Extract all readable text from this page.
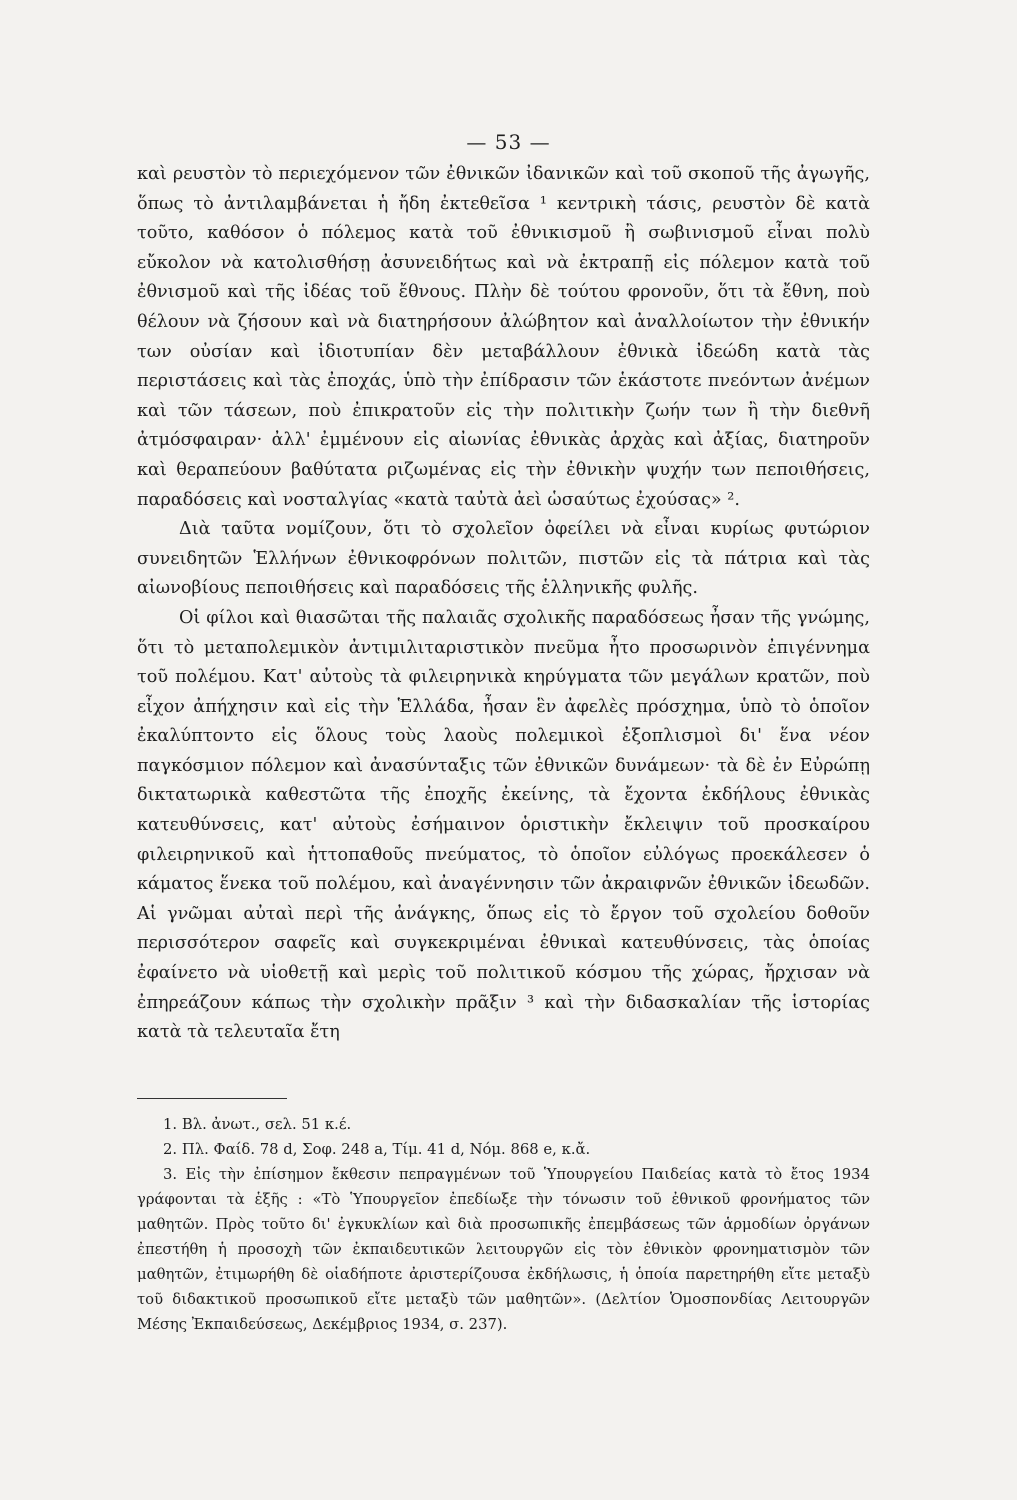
— 53 —

καὶ ρευστὸν τὸ περιεχόμενον τῶν ἐθνικῶν ἰδανικῶν καὶ τοῦ σκοποῦ τῆς ἀγωγῆς, ὅπως τὸ ἀντιλαμβάνεται ἡ ἤδη ἐκτεθεῖσα ¹ κεντρικὴ τάσις, ρευστὸν δὲ κατὰ τοῦτο, καθόσον ὁ πόλεμος κατὰ τοῦ ἐθνικισμοῦ ἢ σωβινισμοῦ εἶναι πολὺ εὔκολον νὰ κατολισθήσῃ ἀσυνειδήτως καὶ νὰ ἐκτραπῇ εἰς πόλεμον κατὰ τοῦ ἐθνισμοῦ καὶ τῆς ἰδέας τοῦ ἔθνους. Πλὴν δὲ τούτου φρονοῦν, ὅτι τὰ ἔθνη, ποὺ θέλουν νὰ ζήσουν καὶ νὰ διατηρήσουν ἀλώβητον καὶ ἀναλλοίωτον τὴν ἐθνικήν των οὐσίαν καὶ ἰδιοτυπίαν δὲν μεταβάλλουν ἐθνικὰ ἰδεώδη κατὰ τὰς περιστάσεις καὶ τὰς ἐποχάς, ὑπὸ τὴν ἐπίδρασιν τῶν ἑκάστοτε πνεόντων ἀνέμων καὶ τῶν τάσεων, ποὺ ἐπικρατοῦν εἰς τὴν πολιτικὴν ζωήν των ἢ τὴν διεθνῆ ἀτμόσφαιραν· ἀλλ' ἐμμένουν εἰς αἰωνίας ἐθνικὰς ἀρχὰς καὶ ἀξίας, διατηροῦν καὶ θεραπεύουν βαθύτατα ριζωμένας εἰς τὴν ἐθνικὴν ψυχήν των πεποιθήσεις, παραδόσεις καὶ νοσταλγίας «κατὰ ταὐτὰ ἀεὶ ὡσαύτως ἐχούσας» ².

Διὰ ταῦτα νομίζουν, ὅτι τὸ σχολεῖον ὀφείλει νὰ εἶναι κυρίως φυτώριον συνειδητῶν Ἑλλήνων ἐθνικοφρόνων πολιτῶν, πιστῶν εἰς τὰ πάτρια καὶ τὰς αἰωνοβίους πεποιθήσεις καὶ παραδόσεις τῆς ἑλληνικῆς φυλῆς.

Οἱ φίλοι καὶ θιασῶται τῆς παλαιᾶς σχολικῆς παραδόσεως ἦσαν τῆς γνώμης, ὅτι τὸ μεταπολεμικὸν ἀντιμιλιταριστικὸν πνεῦμα ἦτο προσωρινὸν ἐπιγέννημα τοῦ πολέμου. Κατ' αὐτοὺς τὰ φιλειρηνικὰ κηρύγματα τῶν μεγάλων κρατῶν, ποὺ εἶχον ἀπήχησιν καὶ εἰς τὴν Ἑλλάδα, ἦσαν ἓν ἀφελὲς πρόσχημα, ὑπὸ τὸ ὁποῖον ἐκαλύπτοντο εἰς ὅλους τοὺς λαοὺς πολεμικοὶ ἐξοπλισμοὶ δι' ἕνα νέον παγκόσμιον πόλεμον καὶ ἀνασύνταξις τῶν ἐθνικῶν δυνάμεων· τὰ δὲ ἐν Εὐρώπῃ δικτατωρικὰ καθεστῶτα τῆς ἐποχῆς ἐκείνης, τὰ ἔχοντα ἐκδήλους ἐθνικὰς κατευθύνσεις, κατ' αὐτοὺς ἐσήμαινον ὁριστικὴν ἔκλειψιν τοῦ προσκαίρου φιλειρηνικοῦ καὶ ἡττοπαθοῦς πνεύματος, τὸ ὁποῖον εὐλόγως προεκάλεσεν ὁ κάματος ἕνεκα τοῦ πολέμου, καὶ ἀναγέννησιν τῶν ἀκραιφνῶν ἐθνικῶν ἰδεωδῶν. Αἱ γνῶμαι αὐταὶ περὶ τῆς ἀνάγκης, ὅπως εἰς τὸ ἔργον τοῦ σχολείου δοθοῦν περισσότερον σαφεῖς καὶ συγκεκριμέναι ἐθνικαὶ κατευθύνσεις, τὰς ὁποίας ἐφαίνετο νὰ υἱοθετῇ καὶ μερὶς τοῦ πολιτικοῦ κόσμου τῆς χώρας, ἤρχισαν νὰ ἐπηρεάζουν κάπως τὴν σχολικὴν πρᾶξιν ³ καὶ τὴν διδασκαλίαν τῆς ἱστορίας κατὰ τὰ τελευταῖα ἔτη

1. Βλ. ἀνωτ., σελ. 51 κ.έ.

2. Πλ. Φαίδ. 78 d, Σοφ. 248 a, Τίμ. 41 d, Νόμ. 868 e, κ.ἄ.

3. Εἰς τὴν ἐπίσημον ἔκθεσιν πεπραγμένων τοῦ Ὑπουργείου Παιδείας κατὰ τὸ ἔτος 1934 γράφονται τὰ ἑξῆς : «Τὸ Ὑπουργεῖον ἐπεδίωξε τὴν τόνωσιν τοῦ ἐθνικοῦ φρονήματος τῶν μαθητῶν. Πρὸς τοῦτο δι' ἐγκυκλίων καὶ διὰ προσωπικῆς ἐπεμβάσεως τῶν ἁρμοδίων ὀργάνων ἐπεστήθη ἡ προσοχὴ τῶν ἐκπαιδευτικῶν λειτουργῶν εἰς τὸν ἐθνικὸν φρονηματισμὸν τῶν μαθητῶν, ἐτιμωρήθη δὲ οἱαδήποτε ἀριστερίζουσα ἐκδήλωσις, ἡ ὁποία παρετηρήθη εἴτε μεταξὺ τοῦ διδακτικοῦ προσωπικοῦ εἴτε μεταξὺ τῶν μαθητῶν». (Δελτίον Ὁμοσπονδίας Λειτουργῶν Μέσης Ἐκπαιδεύσεως, Δεκέμβριος 1934, σ. 237).
